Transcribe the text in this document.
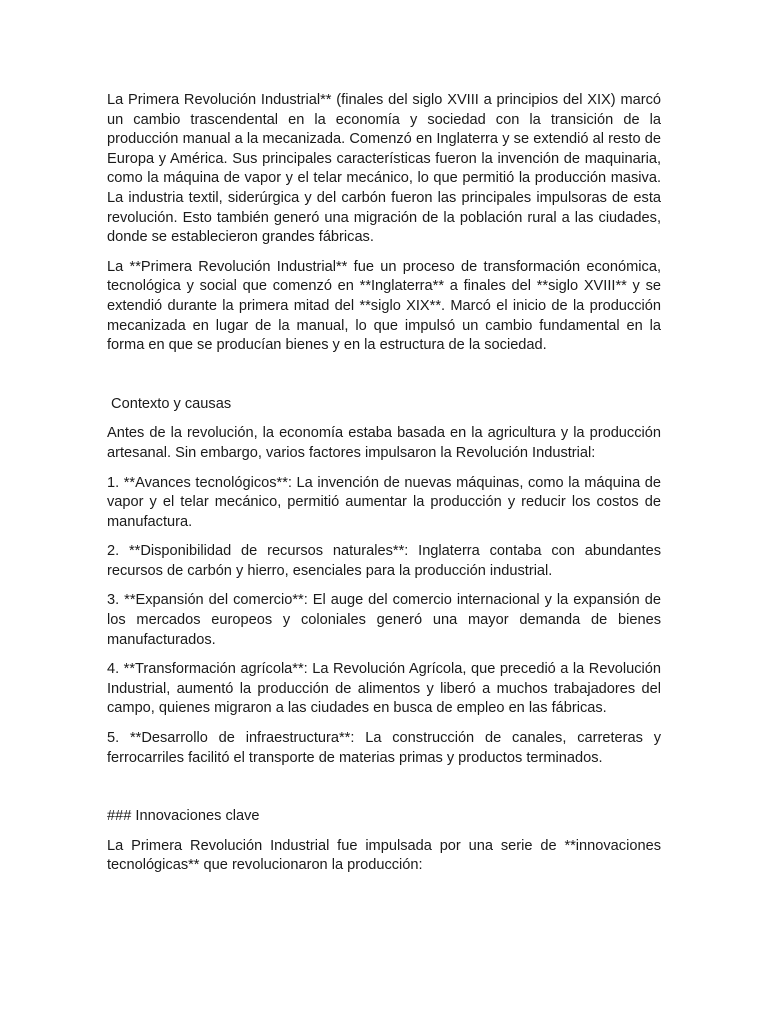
La Primera Revolución Industrial** (finales del siglo XVIII a principios del XIX) marcó un cambio trascendental en la economía y sociedad con la transición de la producción manual a la mecanizada. Comenzó en Inglaterra y se extendió al resto de Europa y América. Sus principales características fueron la invención de maquinaria, como la máquina de vapor y el telar mecánico, lo que permitió la producción masiva. La industria textil, siderúrgica y del carbón fueron las principales impulsoras de esta revolución. Esto también generó una migración de la población rural a las ciudades, donde se establecieron grandes fábricas.

La **Primera Revolución Industrial** fue un proceso de transformación económica, tecnológica y social que comenzó en **Inglaterra** a finales del **siglo XVIII** y se extendió durante la primera mitad del **siglo XIX**. Marcó el inicio de la producción mecanizada en lugar de la manual, lo que impulsó un cambio fundamental en la forma en que se producían bienes y en la estructura de la sociedad.

Contexto y causas

Antes de la revolución, la economía estaba basada en la agricultura y la producción artesanal. Sin embargo, varios factores impulsaron la Revolución Industrial:

1. **Avances tecnológicos**: La invención de nuevas máquinas, como la máquina de vapor y el telar mecánico, permitió aumentar la producción y reducir los costos de manufactura.

2. **Disponibilidad de recursos naturales**: Inglaterra contaba con abundantes recursos de carbón y hierro, esenciales para la producción industrial.

3. **Expansión del comercio**: El auge del comercio internacional y la expansión de los mercados europeos y coloniales generó una mayor demanda de bienes manufacturados.

4. **Transformación agrícola**: La Revolución Agrícola, que precedió a la Revolución Industrial, aumentó la producción de alimentos y liberó a muchos trabajadores del campo, quienes migraron a las ciudades en busca de empleo en las fábricas.

5. **Desarrollo de infraestructura**: La construcción de canales, carreteras y ferrocarriles facilitó el transporte de materias primas y productos terminados.

### Innovaciones clave

La Primera Revolución Industrial fue impulsada por una serie de **innovaciones tecnológicas** que revolucionaron la producción:
